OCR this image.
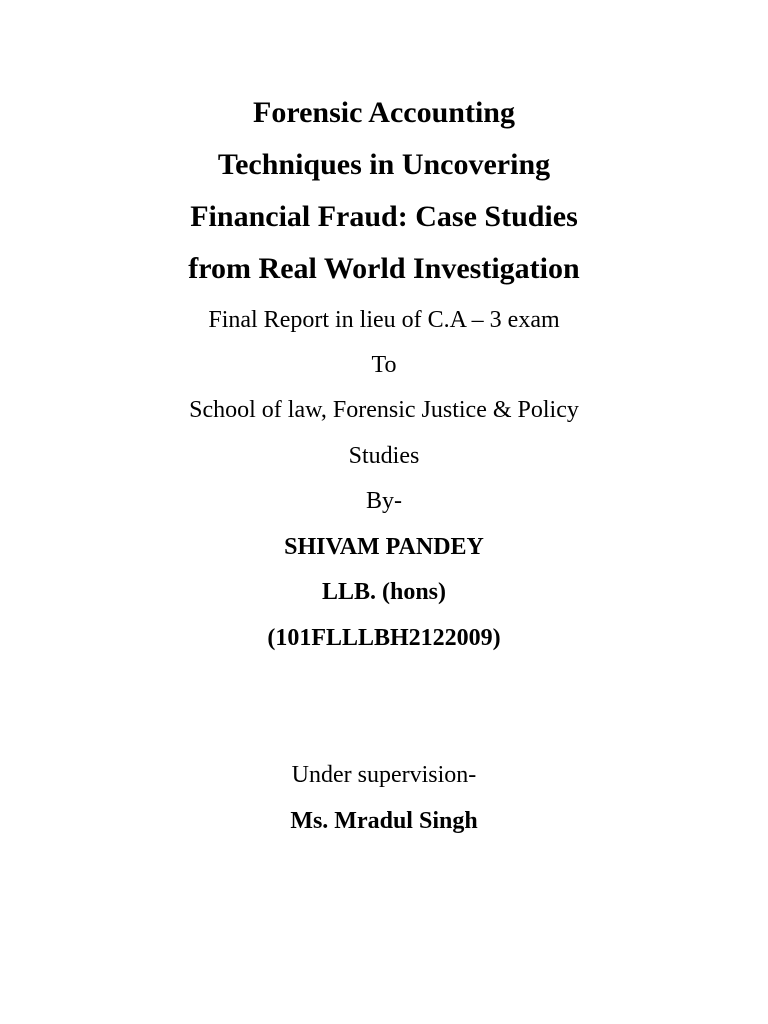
Forensic Accounting
Techniques in Uncovering
Financial Fraud: Case Studies
from Real World Investigation
Final Report in lieu of C.A – 3 exam
To
School of law, Forensic Justice & Policy
Studies
By-
SHIVAM PANDEY
LLB. (hons)
(101FLLLBH2122009)
Under supervision-
Ms. Mradul Singh
